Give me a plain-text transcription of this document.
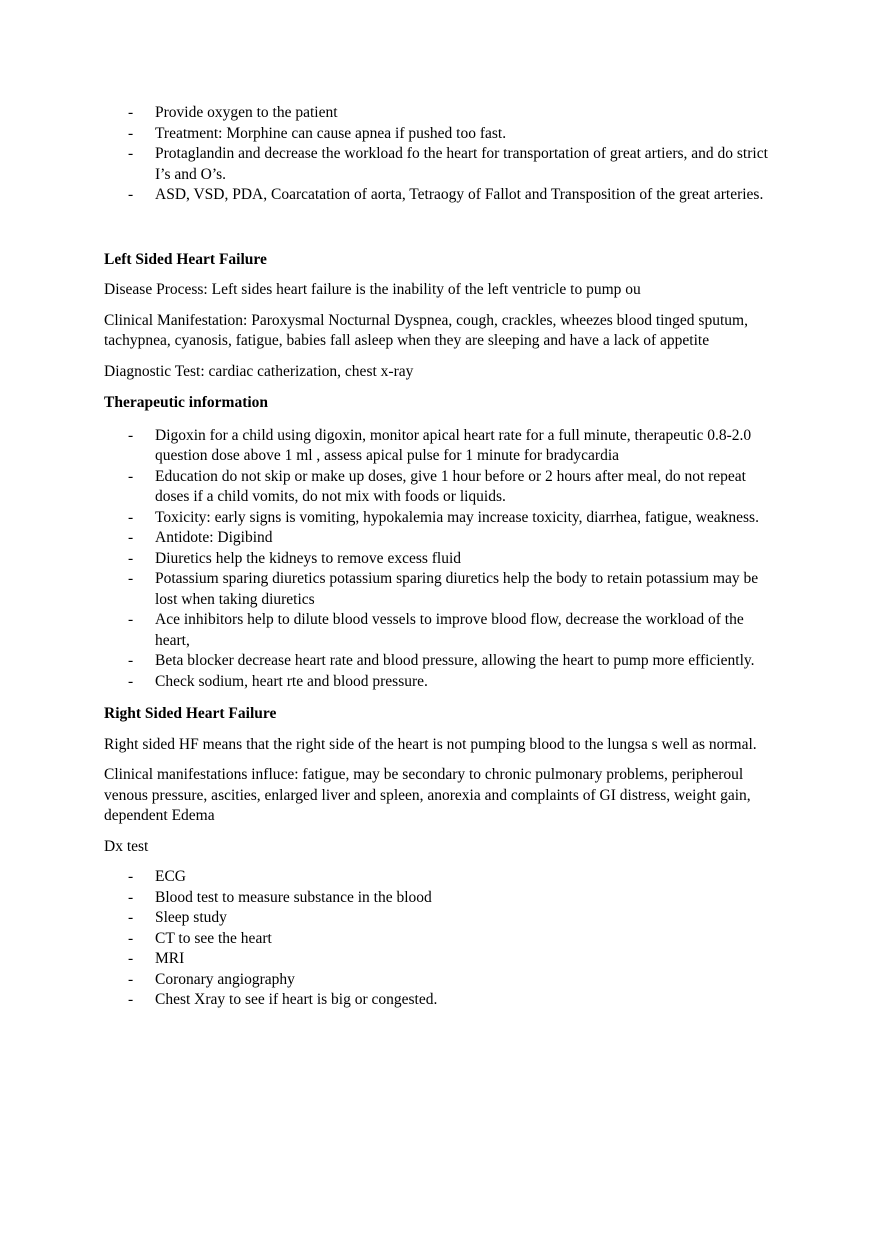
- Provide oxygen to the patient
- Treatment: Morphine can cause apnea if pushed too fast.
- Protaglandin and decrease the workload fo the heart for transportation of great artiers, and do strict I’s and O’s.
- ASD, VSD, PDA, Coarcatation of aorta, Tetraogy of Fallot and Transposition of the great arteries.

Left Sided Heart Failure

Disease Process: Left sides heart failure is the inability of the left ventricle to pump ou

Clinical Manifestation: Paroxysmal Nocturnal Dyspnea, cough, crackles, wheezes blood tinged sputum, tachypnea, cyanosis, fatigue, babies fall asleep when they are sleeping and have a lack of appetite

Diagnostic Test: cardiac catherization, chest x-ray

Therapeutic information

- Digoxin for a child using digoxin, monitor apical heart rate for a full minute, therapeutic 0.8-2.0 question dose above 1 ml , assess apical pulse for 1 minute for bradycardia
- Education do not skip or make up doses, give 1 hour before or 2 hours after meal, do not repeat doses if a child vomits, do not mix with foods or liquids.
- Toxicity: early signs is vomiting, hypokalemia may increase toxicity, diarrhea, fatigue, weakness.
- Antidote: Digibind
- Diuretics help the kidneys to remove excess fluid
- Potassium sparing diuretics potassium sparing diuretics help the body to retain potassium may be lost when taking diuretics
- Ace inhibitors help to dilute blood vessels to improve blood flow, decrease the workload of the heart,
- Beta blocker decrease heart rate and blood pressure, allowing the heart to pump more efficiently.
- Check sodium, heart rte and blood pressure.

Right Sided Heart Failure

Right sided HF means that the right side of the heart is not pumping blood to the lungsa s well as normal.

Clinical manifestations influce: fatigue, may be secondary to chronic pulmonary problems, peripheroul venous pressure, ascities, enlarged liver and spleen, anorexia and complaints of GI distress, weight gain, dependent Edema

Dx test

- ECG
- Blood test to measure substance in the blood
- Sleep study
- CT to see the heart
- MRI
- Coronary angiography
- Chest Xray to see if heart is big or congested.
